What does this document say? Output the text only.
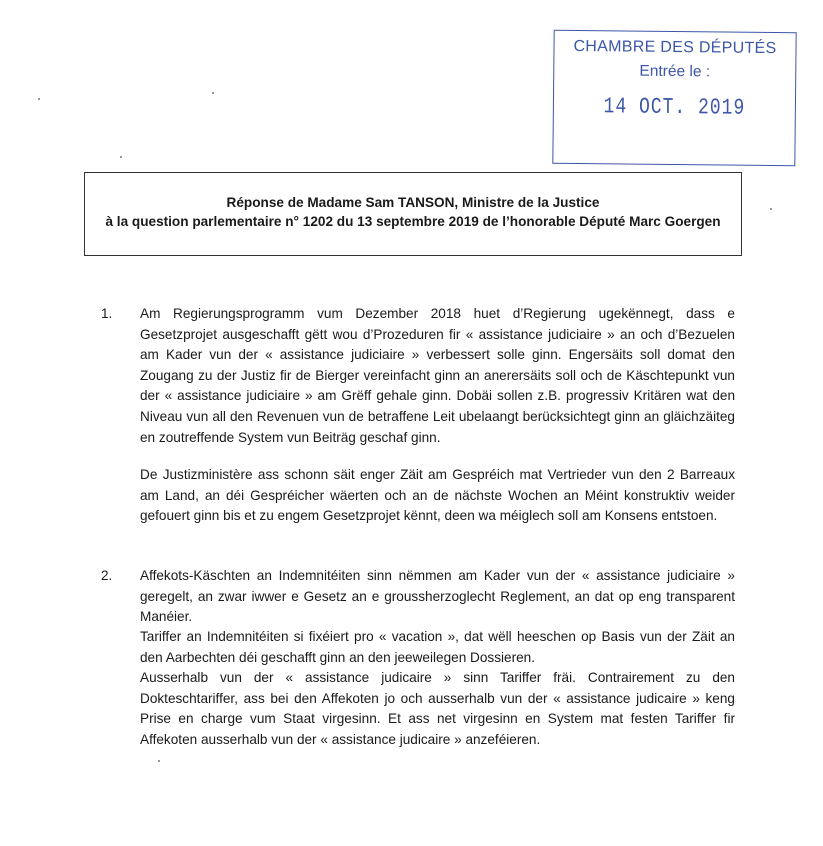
CHAMBRE DES DÉPUTÉS
Entrée le :
14 OCT. 2019
Réponse de Madame Sam TANSON, Ministre de la Justice
à la question parlementaire n° 1202 du 13 septembre 2019 de l’honorable Député Marc Goergen
1. Am Regierungsprogramm vum Dezember 2018 huet d’Regierung ugekënnegt, dass e Gesetzprojet ausgeschafft gëtt wou d’Prozeduren fir « assistance judiciaire » an och d’Bezuelen am Kader vun der « assistance judiciaire » verbessert solle ginn. Engersäits soll domat den Zougang zu der Justiz fir de Bierger vereinfacht ginn an anerersäits soll och de Käschtepunkt vun der « assistance judiciaire » am Grëff gehale ginn. Dobäi sollen z.B. progressiv Kritären wat den Niveau vun all den Revenuen vun de betraffene Leit ubelaangt berücksichtegt ginn an gläichzäiteg en zoutreffende System vun Beiträg geschaf ginn.
De Justizministère ass schonn säit enger Zäit am Gespréich mat Vertrieder vun den 2 Barreaux am Land, an déi Gespréicher wäerten och an de nächste Wochen an Méint konstruktiv weider gefouert ginn bis et zu engem Gesetzprojet kënnt, deen wa méiglech soll am Konsens entstoen.
2. Affekots-Käschten an Indemnitéiten sinn nëmmen am Kader vun der « assistance judiciaire » geregelt, an zwar iwwer e Gesetz an e groussherzoglecht Reglement, an dat op eng transparent Manéier.
Tariffer an Indemnitéiten si fixéiert pro « vacation », dat wëll heeschen op Basis vun der Zäit an den Aarbechten déi geschafft ginn an den jeeweilegen Dossieren.
Ausserhalb vun der « assistance judicaire » sinn Tariffer fräi. Contrairement zu den Dokteschtariffer, ass bei den Affekoten jo och ausserhalb vun der « assistance judicaire » keng Prise en charge vum Staat virgesinn. Et ass net virgesinn en System mat festen Tariffer fir Affekoten ausserhalb vun der « assistance judicaire » anzeféieren.
